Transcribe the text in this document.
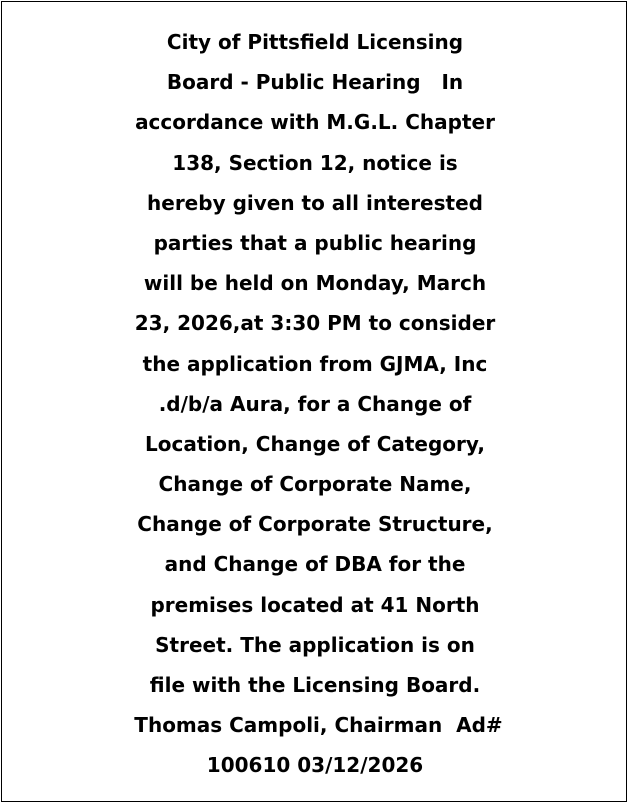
City of Pittsfield Licensing
Board - Public Hearing   In
accordance with M.G.L. Chapter
138, Section 12, notice is
hereby given to all interested
parties that a public hearing
will be held on Monday, March
23, 2026,at 3:30 PM to consider
the application from GJMA, Inc
.d/b/a Aura, for a Change of
Location, Change of Category,
Change of Corporate Name,
Change of Corporate Structure,
and Change of DBA for the
premises located at 41 North
Street. The application is on
file with the Licensing Board.
Thomas Campoli, Chairman  Ad#
100610 03/12/2026
